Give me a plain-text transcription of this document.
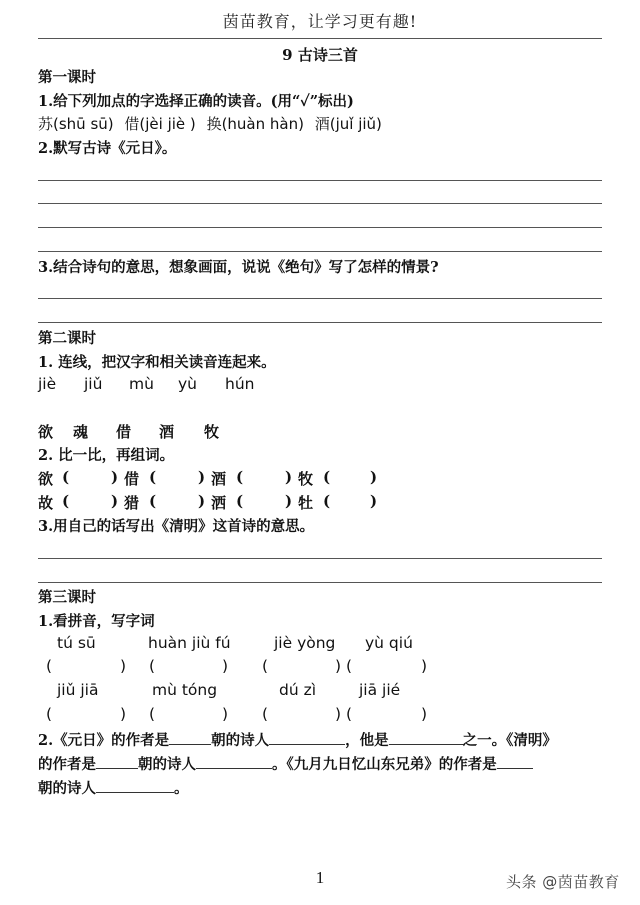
茵苗教育，让学习更有趣!
9 古诗三首
第一课时
1.给下列加点的字选择正确的读音。(用“✓”标出)
苏(shū sū) 借(jèi jiè ) 换(huàn hàn) 酒(juǐ jiǔ)
2.默写古诗《元日》。
3.结合诗句的意思，想象画面，说说《绝句》写了怎样的情景?
第二课时
1. 连线，把汉字和相关读音连起来。
jiè jiǔ mù yù hún
欲 魂 借 酒 牧
2. 比一比，再组词。
欲 (	) 借 (	) 酒 (	) 牧 (	)
故 (	) 猎 (	) 洒 (	) 牡 (	)
3.用自己的话写出《清明》这首诗的意思。
第三课时
1.看拼音，写字词
tú sū	huàn jiù fú	jiè yòng yù qiú
(	) (	) (	) (	)
jiǔ jiā	mù tóng	dú zì	jiā jié
(	) (	) (	) (	)
2.《元日》的作者是	朝的诗人	，他是	之一。《清明》
的作者是	朝的诗人	。《九月九日忆山东兄弟》的作者是
朝的诗人	。
1	头条 @茵苗教育
